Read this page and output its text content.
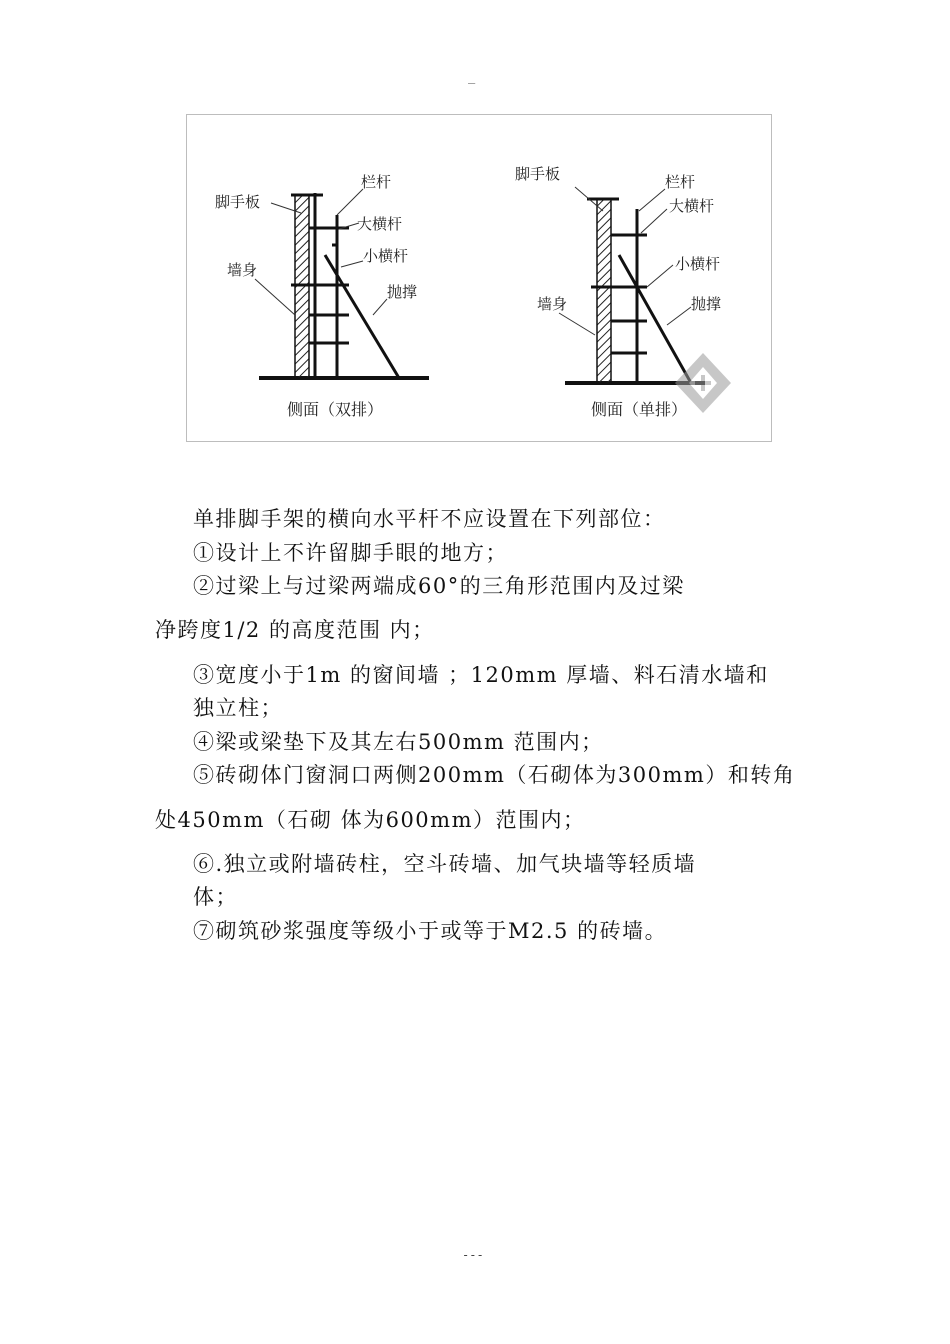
_
脚手板
栏杆
大横杆
小横杆
墙身
抛撑
侧面（双排）
脚手板	栏杆
大横杆
小横杆
墙身	抛撑
侧面（单排）
单排脚手架的横向水平杆不应设置在下列部位：
①设计上不许留脚手眼的地方；
②过梁上与过梁两端成60°的三角形范围内及过梁
净跨度1/2 的高度范围 内；
③宽度小于1m 的窗间墙 ；120mm 厚墙、料石清水墙和
独立柱；
④梁或梁垫下及其左右500mm 范围内；
⑤砖砌体门窗洞口两侧200mm（石砌体为300mm）和转角
处450mm（石砌 体为600mm）范围内；
⑥.独立或附墙砖柱，空斗砖墙、加气块墙等轻质墙
体；
⑦砌筑砂浆强度等级小于或等于M2.5 的砖墙。
---
